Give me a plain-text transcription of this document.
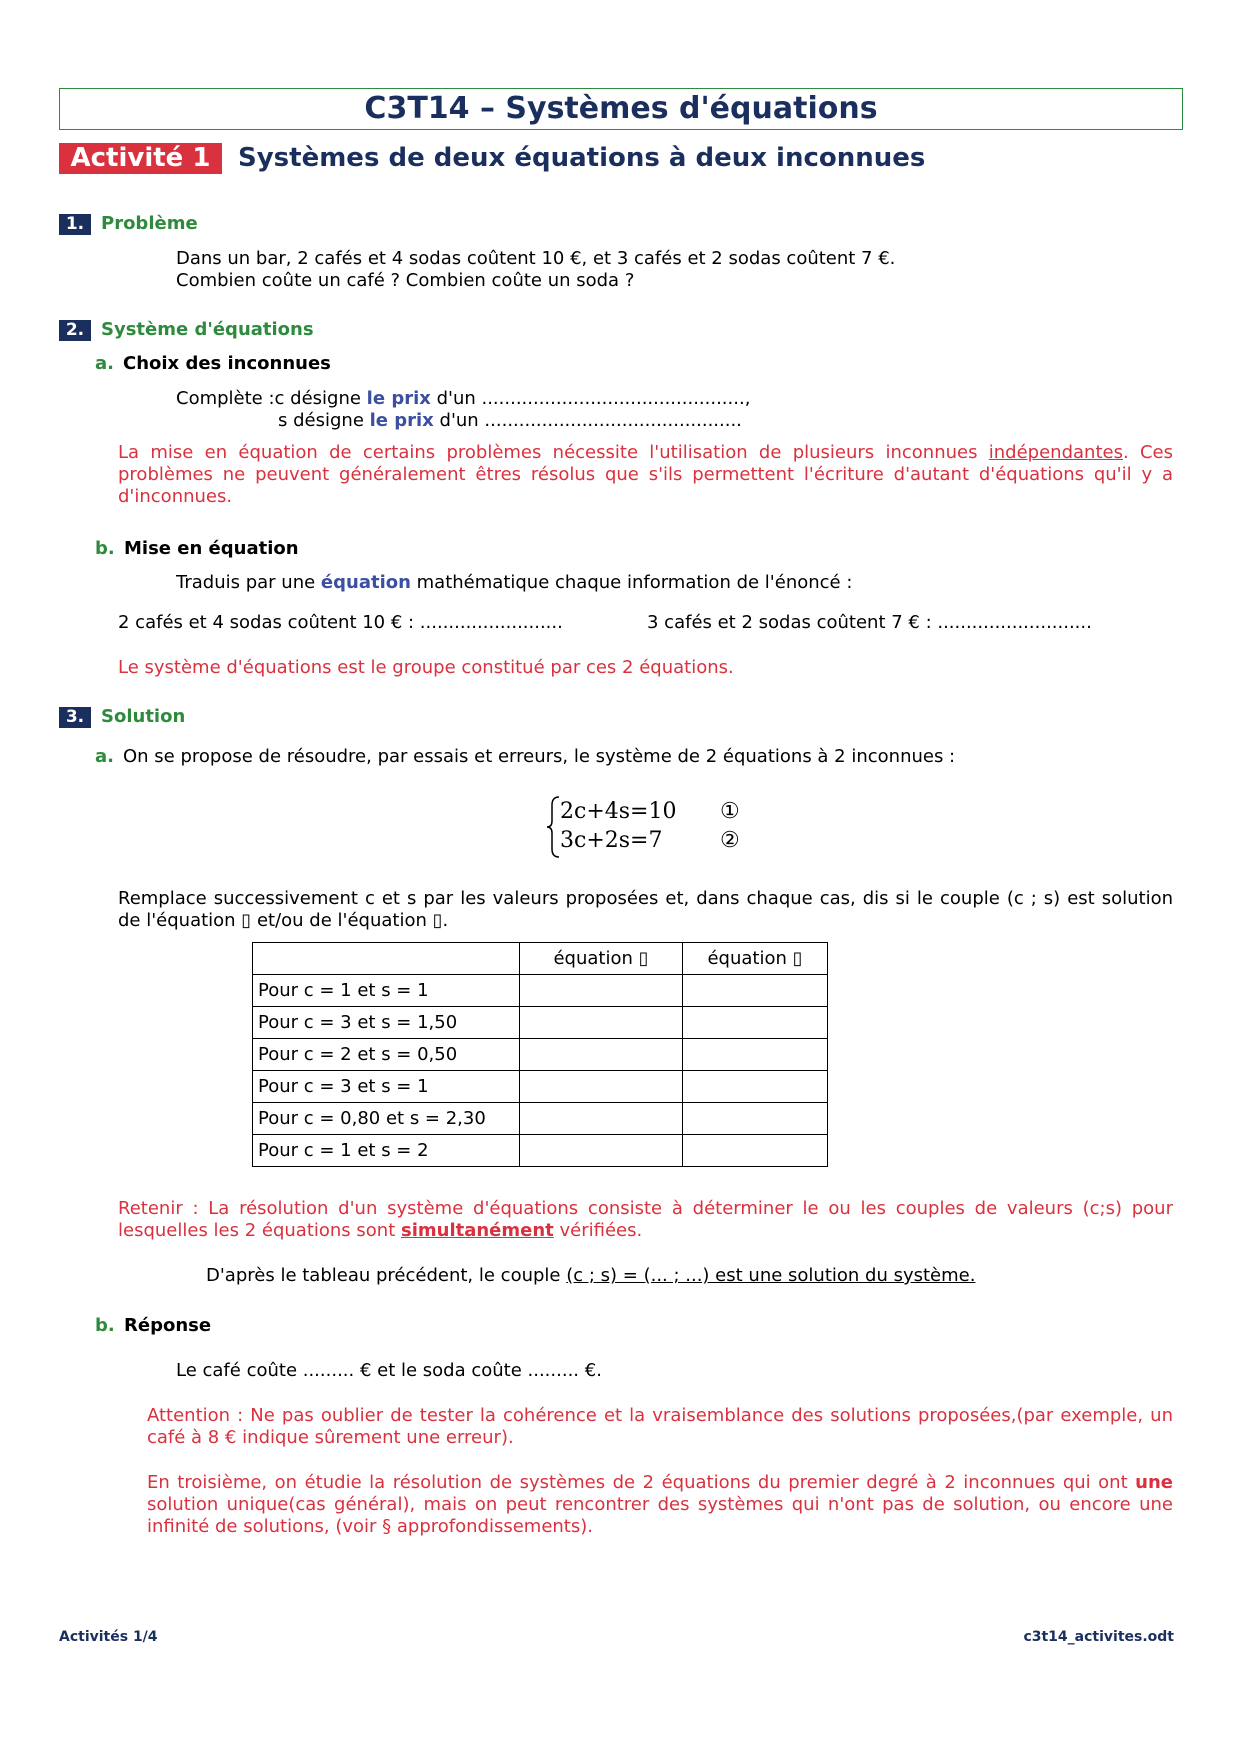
C3T14 – Systèmes d'équations
Activité 1	Systèmes de deux équations à deux inconnues
1. Problème
Dans un bar, 2 cafés et 4 sodas coûtent 10 €, et 3 cafés et 2 sodas coûtent 7 €.
Combien coûte un café ? Combien coûte un soda ?
2. Système d'équations
a. Choix des inconnues
Complète :c désigne le prix d'un ..............................................,
s désigne le prix d'un .............................................
La mise en équation de certains problèmes nécessite l'utilisation de plusieurs inconnues indépendantes. Ces problèmes ne peuvent généralement êtres résolus que s'ils permettent l'écriture d'autant d'équations qu'il y a d'inconnues.
b. Mise en équation
Traduis par une équation mathématique chaque information de l'énoncé :
2 cafés et 4 sodas coûtent 10 € : .........................	3 cafés et 2 sodas coûtent 7 € : ...........................
Le système d'équations est le groupe constitué par ces 2 équations.
3. Solution
a. On se propose de résoudre, par essais et erreurs, le système de 2 équations à 2 inconnues :
2c+4s=10
3c+2s=7
①
②
Remplace successivement c et s par les valeurs proposées et, dans chaque cas, dis si le couple (c ; s) est solution de l'équation ▯ et/ou de l'équation ▯.
	équation ▯	équation ▯
Pour c = 1 et s = 1		
Pour c = 3 et s = 1,50		
Pour c = 2 et s = 0,50		
Pour c = 3 et s = 1		
Pour c = 0,80 et s = 2,30		
Pour c = 1 et s = 2		
Retenir : La résolution d'un système d'équations consiste à déterminer le ou les couples de valeurs (c;s) pour lesquelles les 2 équations sont simultanément vérifiées.
D'après le tableau précédent, le couple (c ; s) = (... ; ...) est une solution du système.
b. Réponse
Le café coûte ......... € et le soda coûte ......... €.
Attention : Ne pas oublier de tester la cohérence et la vraisemblance des solutions proposées,(par exemple, un café à 8 € indique sûrement une erreur).
En troisième, on étudie la résolution de systèmes de 2 équations du premier degré à 2 inconnues qui ont une solution unique(cas général), mais on peut rencontrer des systèmes qui n'ont pas de solution, ou encore une infinité de solutions, (voir § approfondissements).
Activités 1/4	c3t14_activites.odt
